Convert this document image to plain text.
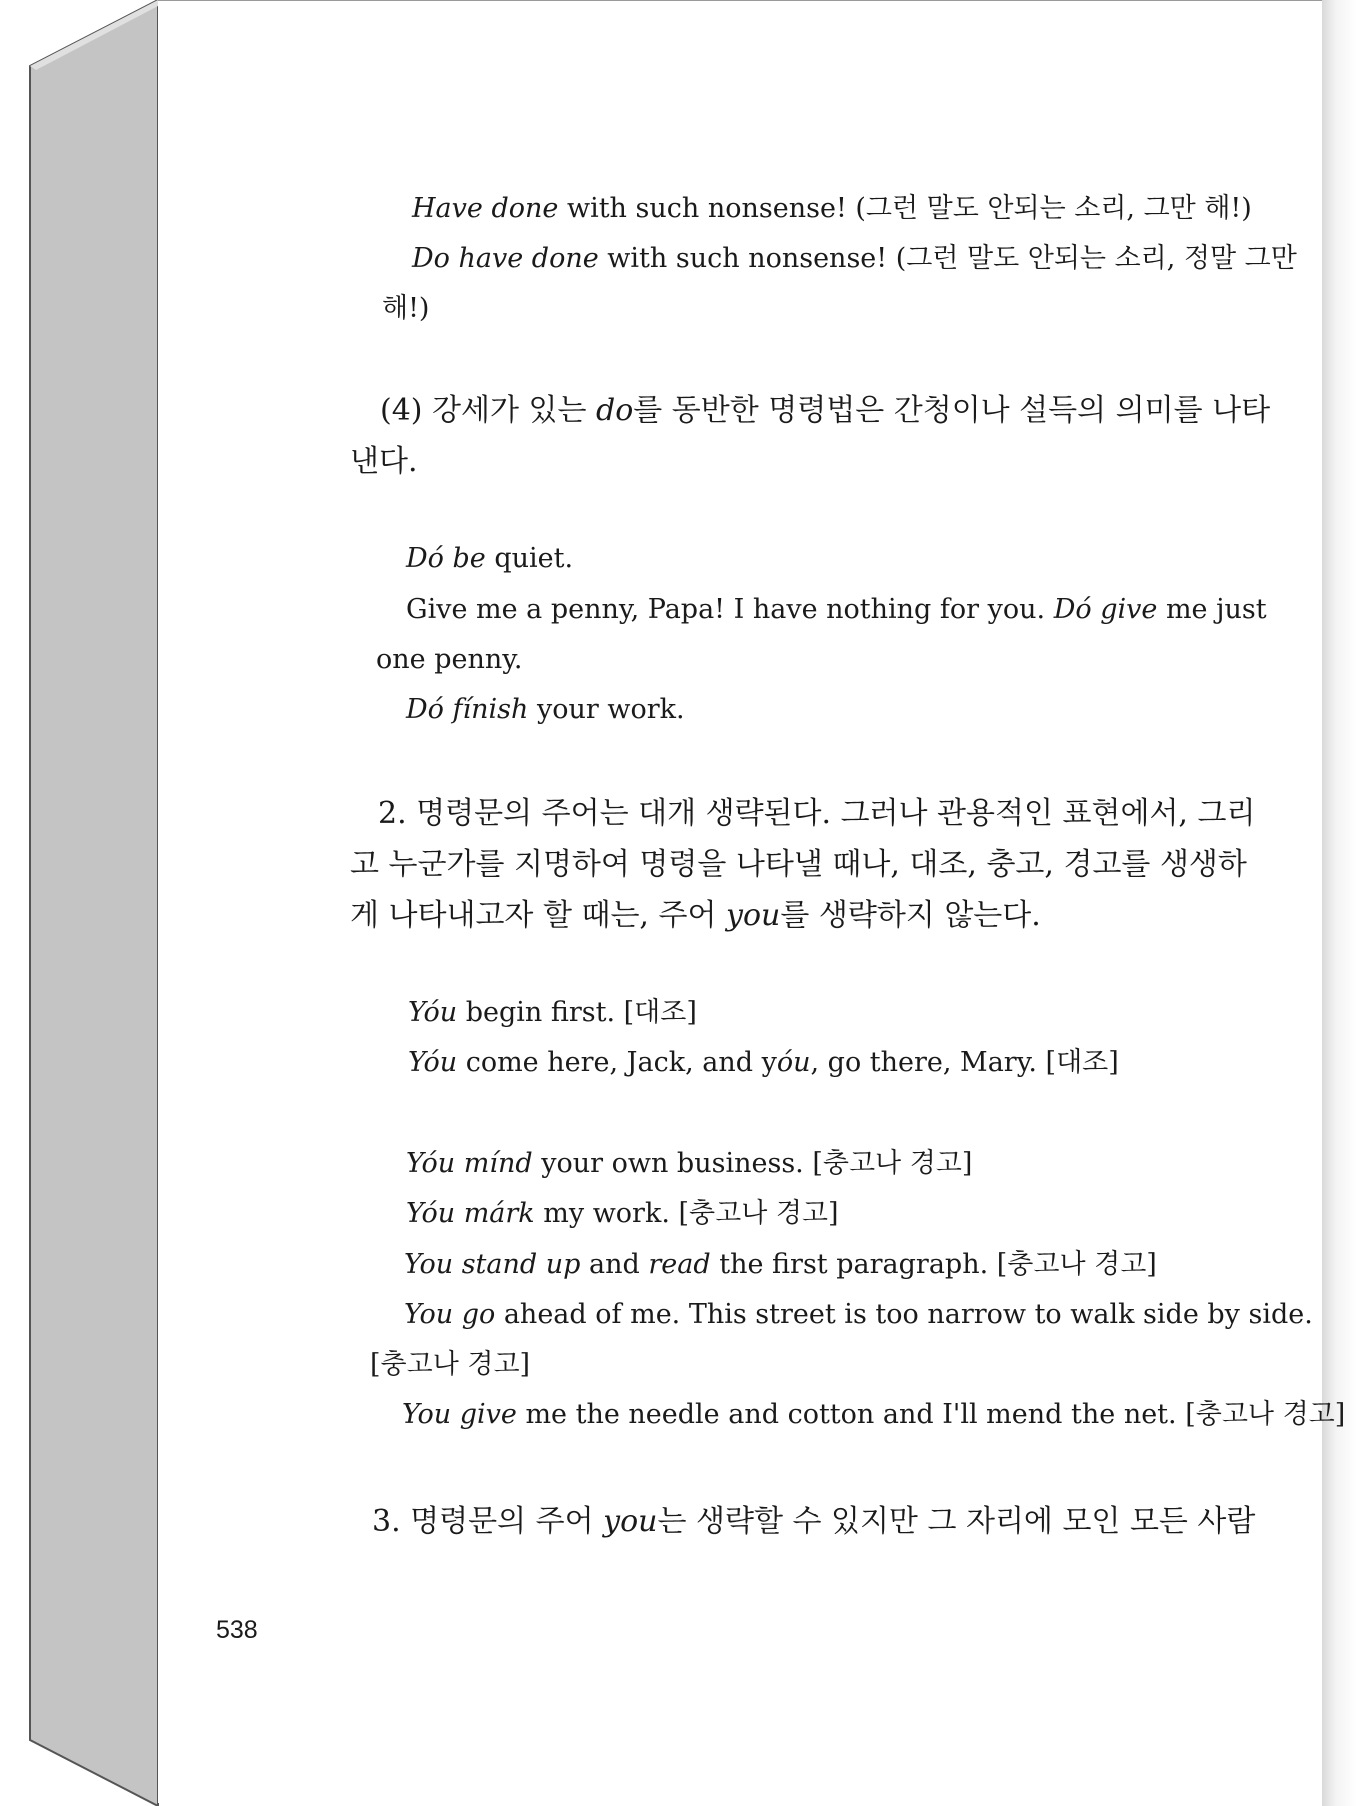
Have done with such nonsense! (그런 말도 안되는 소리, 그만 해!)
Do have done with such nonsense! (그런 말도 안되는 소리, 정말 그만
해!)
(4) 강세가 있는 do를 동반한 명령법은 간청이나 설득의 의미를 나타
낸다.
Dó be quiet.
Give me a penny, Papa! I have nothing for you. Dó give me just
one penny.
Dó fínish your work.
2. 명령문의 주어는 대개 생략된다. 그러나 관용적인 표현에서, 그리
고 누군가를 지명하여 명령을 나타낼 때나, 대조, 충고, 경고를 생생하
게 나타내고자 할 때는, 주어 you를 생략하지 않는다.
Yóu begin first. [대조]
Yóu come here, Jack, and yóu, go there, Mary. [대조]
Yóu mínd your own business. [충고나 경고]
Yóu márk my work. [충고나 경고]
You stand up and read the first paragraph. [충고나 경고]
You go ahead of me. This street is too narrow to walk side by side.
[충고나 경고]
You give me the needle and cotton and I'll mend the net. [충고나 경고]
3. 명령문의 주어 you는 생략할 수 있지만 그 자리에 모인 모든 사람
538
